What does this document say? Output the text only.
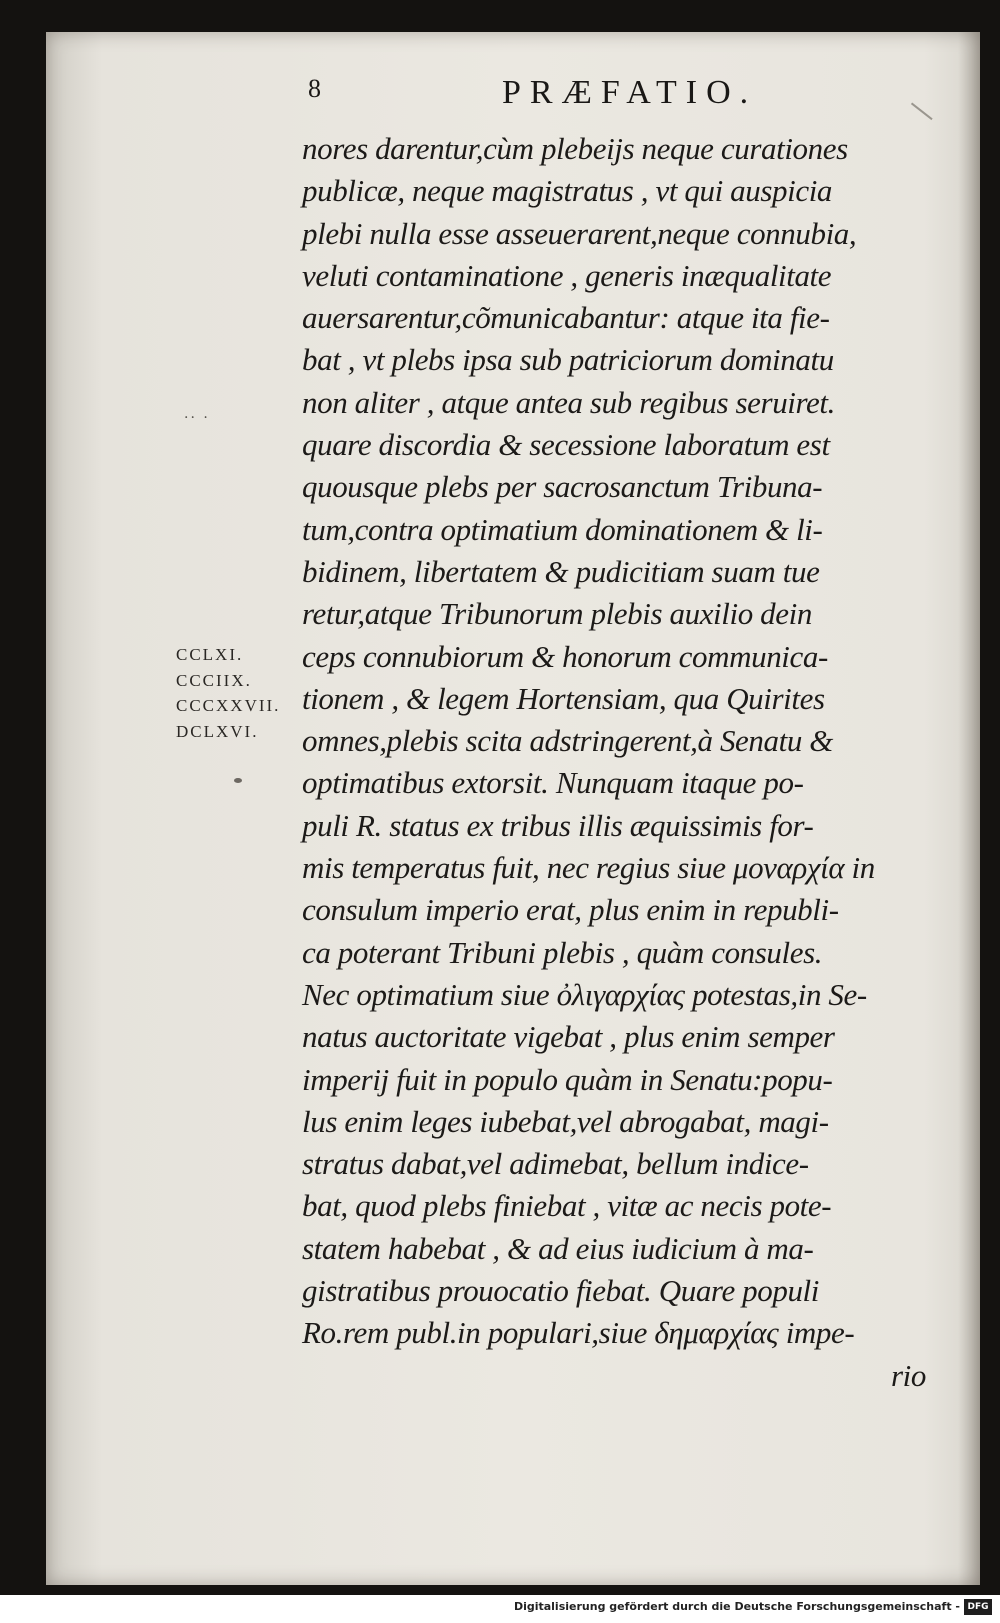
8	PRÆFATIO.
·· ·
CCLXI.
CCCIIX.
CCCXXVII.
DCLXVI.
nores darentur,cùm plebeijs neque curationes
publicæ, neque magistratus , vt qui auspicia
plebi nulla esse asseuerarent,neque connubia,
veluti contaminatione , generis inæqualitate
auersarentur,cõmunicabantur: atque ita fie-
bat , vt plebs ipsa sub patriciorum dominatu
non aliter , atque antea sub regibus seruiret.
quare discordia & secessione laboratum est
quousque plebs per sacrosanctum Tribuna-
tum,contra optimatium dominationem & li-
bidinem, libertatem & pudicitiam suam tue
retur,atque Tribunorum plebis auxilio dein
ceps connubiorum & honorum communica-
tionem , & legem Hortensiam, qua Quirites
omnes,plebis scita adstringerent,à Senatu &
optimatibus extorsit. Nunquam itaque po-
puli R. status ex tribus illis æquissimis for-
mis temperatus fuit, nec regius siue μοναρχία in
consulum imperio erat, plus enim in republi-
ca poterant Tribuni plebis , quàm consules.
Nec optimatium siue ὀλιγαρχίας potestas,in Se-
natus auctoritate vigebat , plus enim semper
imperij fuit in populo quàm in Senatu:popu-
lus enim leges iubebat,vel abrogabat, magi-
stratus dabat,vel adimebat, bellum indice-
bat, quod plebs finiebat , vitæ ac necis pote-
statem habebat , & ad eius iudicium à ma-
gistratibus prouocatio fiebat. Quare populi
Ro.rem publ.in populari,siue δημαρχίας impe-
rio
Digitalisierung gefördert durch die Deutsche Forschungsgemeinschaft - DFG
